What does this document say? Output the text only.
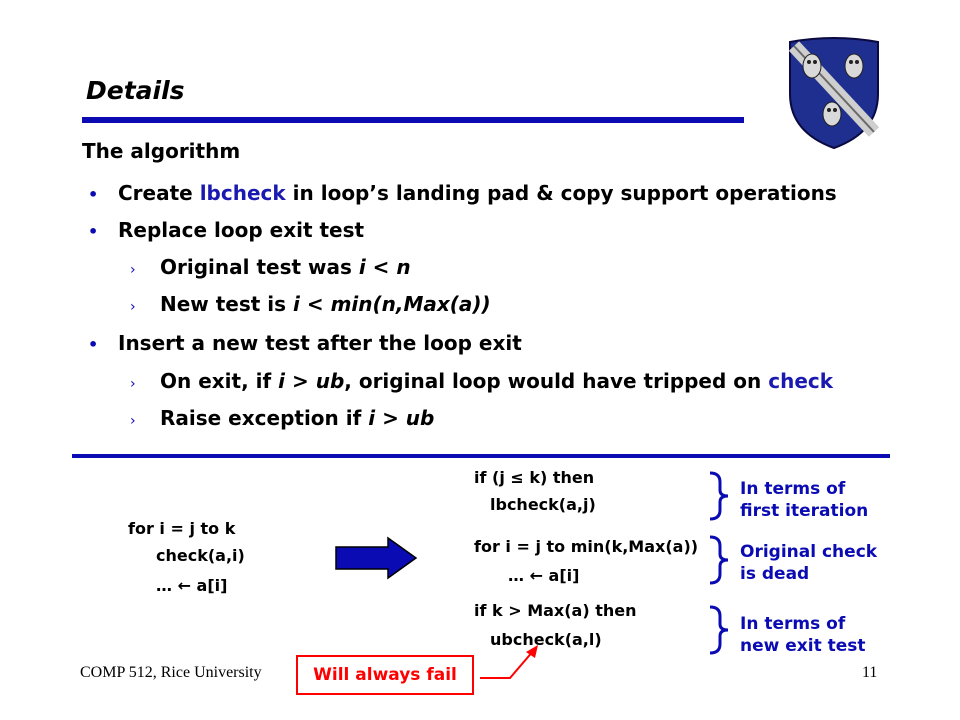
Details
The algorithm
• Create lbcheck in loop’s landing pad & copy support operations
• Replace loop exit test
› Original test was i < n
› New test is i < min(n,Max(a))
• Insert a new test after the loop exit
› On exit, if i > ub, original loop would have tripped on check
› Raise exception if i > ub
for i = j to k
check(a,i)
… ← a[i]
if (j ≤ k) then
lbcheck(a,j)
for i = j to min(k,Max(a))
… ← a[i]
if k > Max(a) then
ubcheck(a,l)
In terms of
first iteration
Original check
is dead
In terms of
new exit test
COMP 512, Rice University	11
Will always fail
